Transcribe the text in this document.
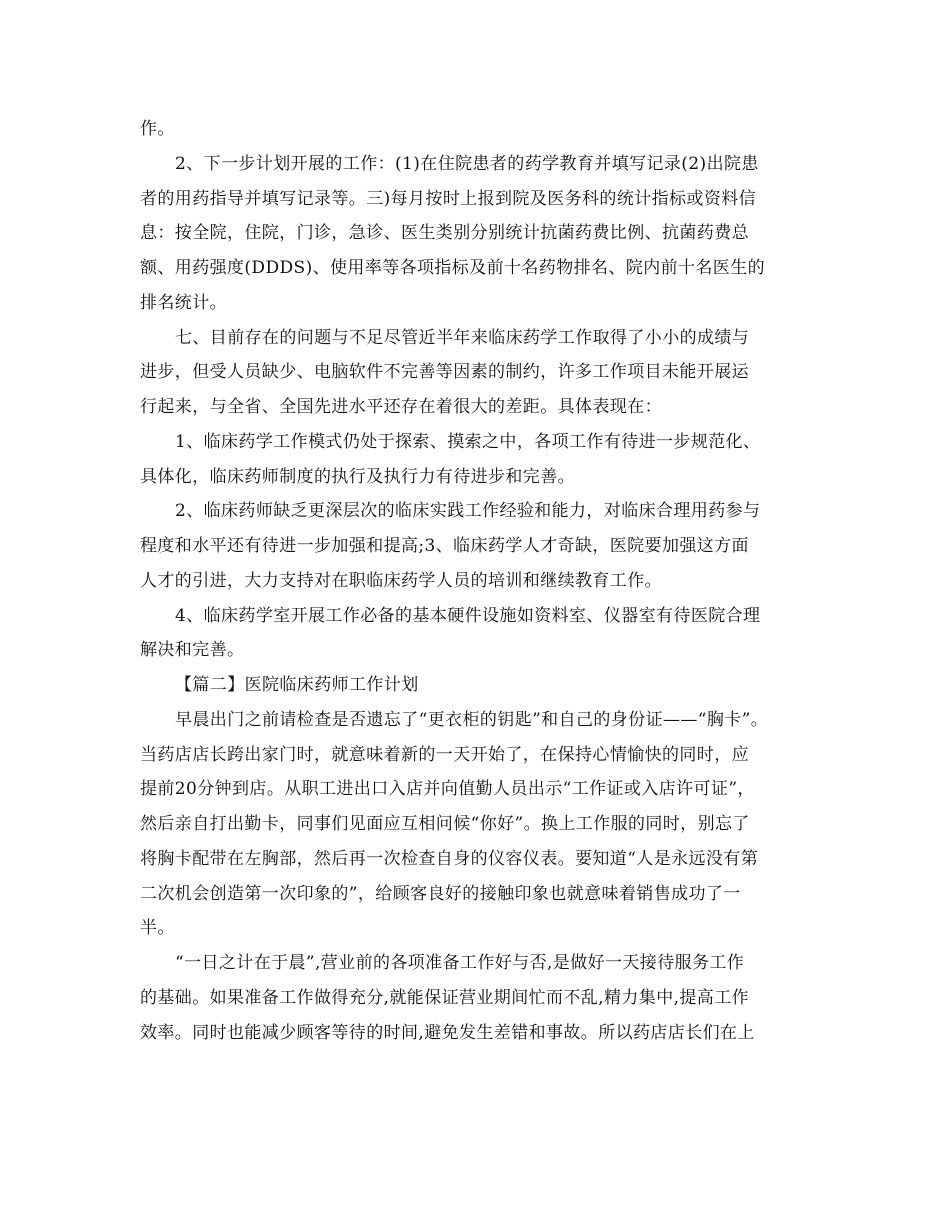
作。
2、下一步计划开展的工作：(1)在住院患者的药学教育并填写记录(2)出院患
者的用药指导并填写记录等。三)每月按时上报到院及医务科的统计指标或资料信
息：按全院，住院，门诊，急诊、医生类别分别统计抗菌药费比例、抗菌药费总
额、用药强度(DDDS)、使用率等各项指标及前十名药物排名、院内前十名医生的
排名统计。
七、目前存在的问题与不足尽管近半年来临床药学工作取得了小小的成绩与
进步，但受人员缺少、电脑软件不完善等因素的制约，许多工作项目未能开展运
行起来，与全省、全国先进水平还存在着很大的差距。具体表现在：
1、临床药学工作模式仍处于探索、摸索之中，各项工作有待进一步规范化、
具体化，临床药师制度的执行及执行力有待进步和完善。
2、临床药师缺乏更深层次的临床实践工作经验和能力，对临床合理用药参与
程度和水平还有待进一步加强和提高;3、临床药学人才奇缺，医院要加强这方面
人才的引进，大力支持对在职临床药学人员的培训和继续教育工作。
4、临床药学室开展工作必备的基本硬件设施如资料室、仪器室有待医院合理
解决和完善。
【篇二】医院临床药师工作计划
早晨出门之前请检查是否遗忘了“更衣柜的钥匙”和自己的身份证——“胸卡”。
当药店店长跨出家门时，就意味着新的一天开始了，在保持心情愉快的同时，应
提前20分钟到店。从职工进出口入店并向值勤人员出示“工作证或入店许可证”，
然后亲自打出勤卡，同事们见面应互相问候“你好”。换上工作服的同时，别忘了
将胸卡配带在左胸部，然后再一次检查自身的仪容仪表。要知道“人是永远没有第
二次机会创造第一次印象的”，给顾客良好的接触印象也就意味着销售成功了一
半。
“一日之计在于晨”,营业前的各项准备工作好与否,是做好一天接待服务工作
的基础。如果准备工作做得充分,就能保证营业期间忙而不乱,精力集中,提高工作
效率。同时也能减少顾客等待的时间,避免发生差错和事故。所以药店店长们在上
